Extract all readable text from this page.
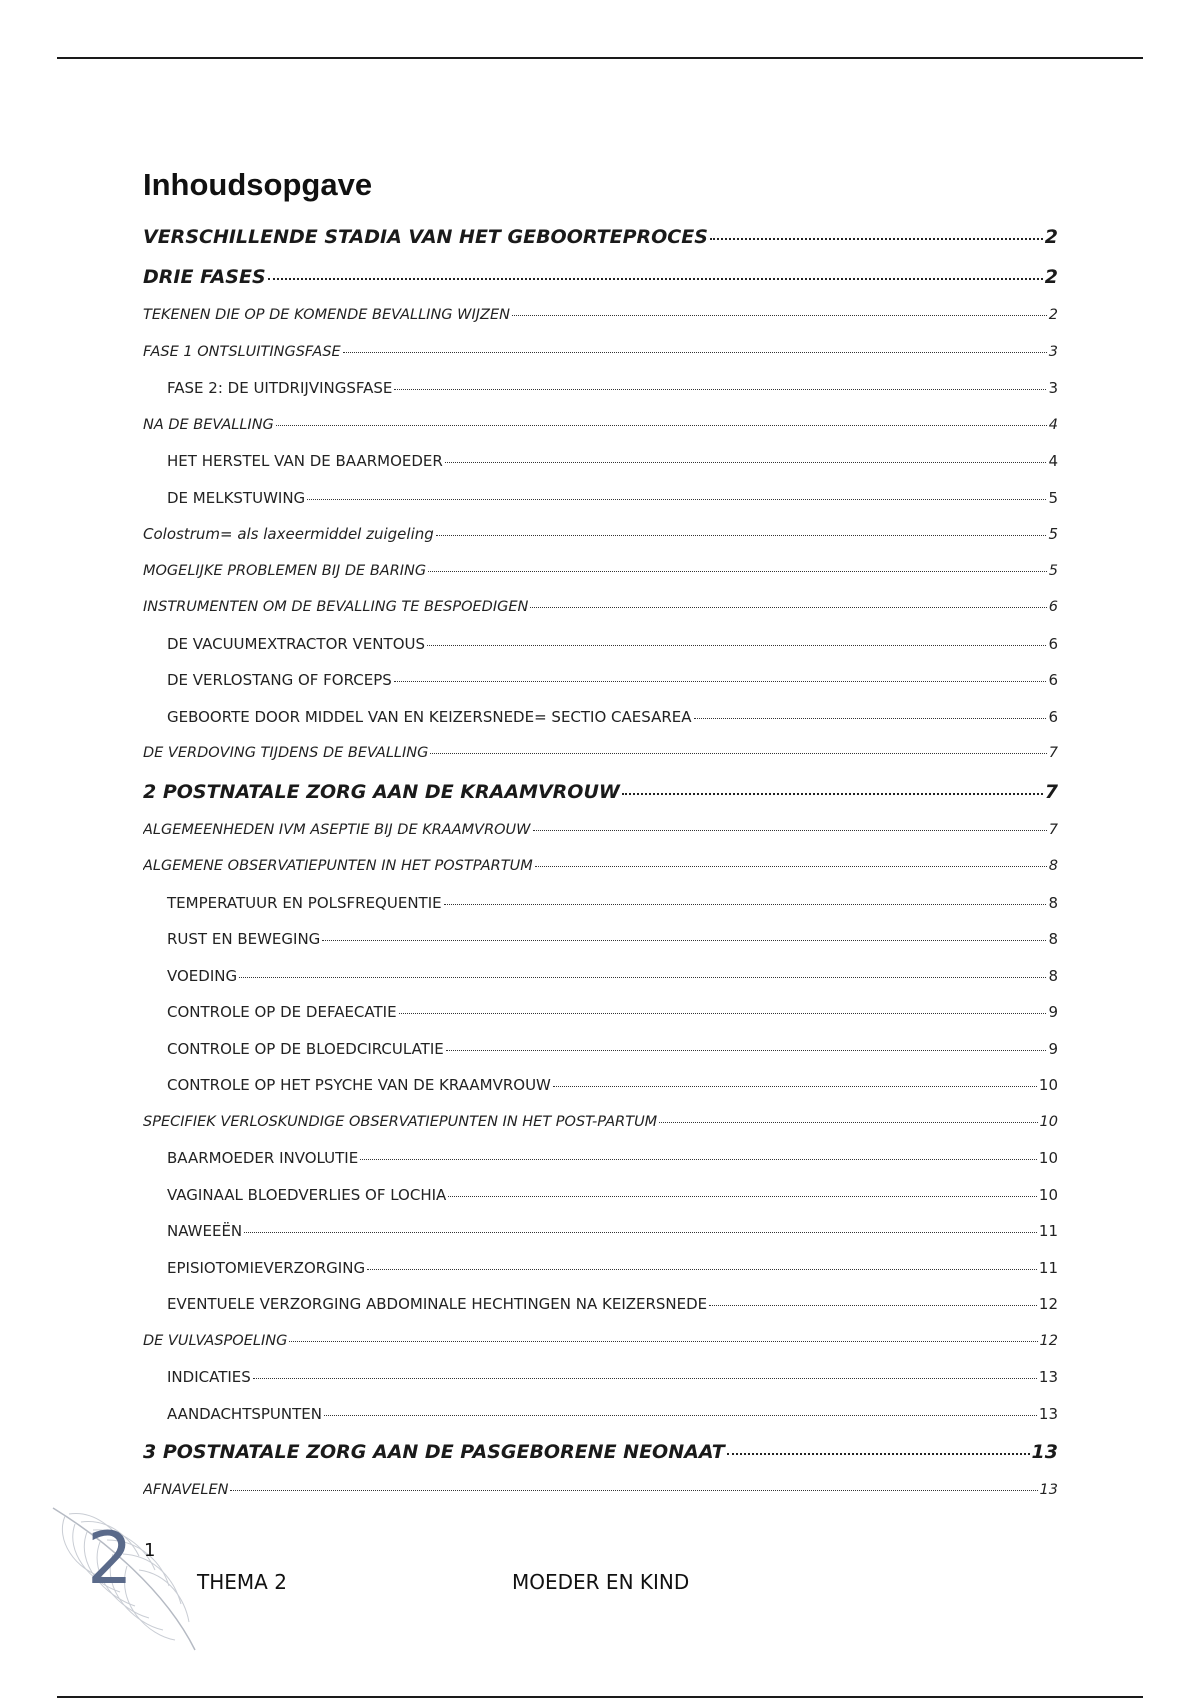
Inhoudsopgave
VERSCHILLENDE STADIA VAN HET GEBOORTEPROCES	2
DRIE FASES	2
TEKENEN DIE OP DE KOMENDE BEVALLING WIJZEN	2
FASE 1 ONTSLUITINGSFASE	3
FASE 2: DE UITDRIJVINGSFASE	3
NA DE BEVALLING	4
HET HERSTEL VAN DE BAARMOEDER	4
DE MELKSTUWING	5
Colostrum= als laxeermiddel zuigeling	5
MOGELIJKE PROBLEMEN BIJ DE BARING	5
INSTRUMENTEN OM DE BEVALLING TE BESPOEDIGEN	6
DE VACUUMEXTRACTOR VENTOUS	6
DE VERLOSTANG OF FORCEPS	6
GEBOORTE DOOR MIDDEL VAN EN KEIZERSNEDE= SECTIO CAESAREA	6
DE VERDOVING TIJDENS DE BEVALLING	7
2 POSTNATALE ZORG AAN DE KRAAMVROUW	7
ALGEMEENHEDEN IVM ASEPTIE BIJ DE KRAAMVROUW	7
ALGEMENE OBSERVATIEPUNTEN IN HET POSTPARTUM	8
TEMPERATUUR EN POLSFREQUENTIE	8
RUST EN BEWEGING	8
VOEDING	8
CONTROLE OP DE DEFAECATIE	9
CONTROLE OP DE BLOEDCIRCULATIE	9
CONTROLE OP HET PSYCHE VAN DE KRAAMVROUW	10
SPECIFIEK VERLOSKUNDIGE OBSERVATIEPUNTEN IN HET POST-PARTUM	10
BAARMOEDER INVOLUTIE	10
VAGINAAL BLOEDVERLIES OF LOCHIA	10
NAWEEËN	11
EPISIOTOMIEVERZORGING	11
EVENTUELE VERZORGING ABDOMINALE HECHTINGEN NA KEIZERSNEDE	12
DE VULVASPOELING	12
INDICATIES	13
AANDACHTSPUNTEN	13
3 POSTNATALE ZORG AAN DE PASGEBORENE NEONAAT	13
AFNAVELEN	13
2 1
THEMA 2	MOEDER EN KIND
